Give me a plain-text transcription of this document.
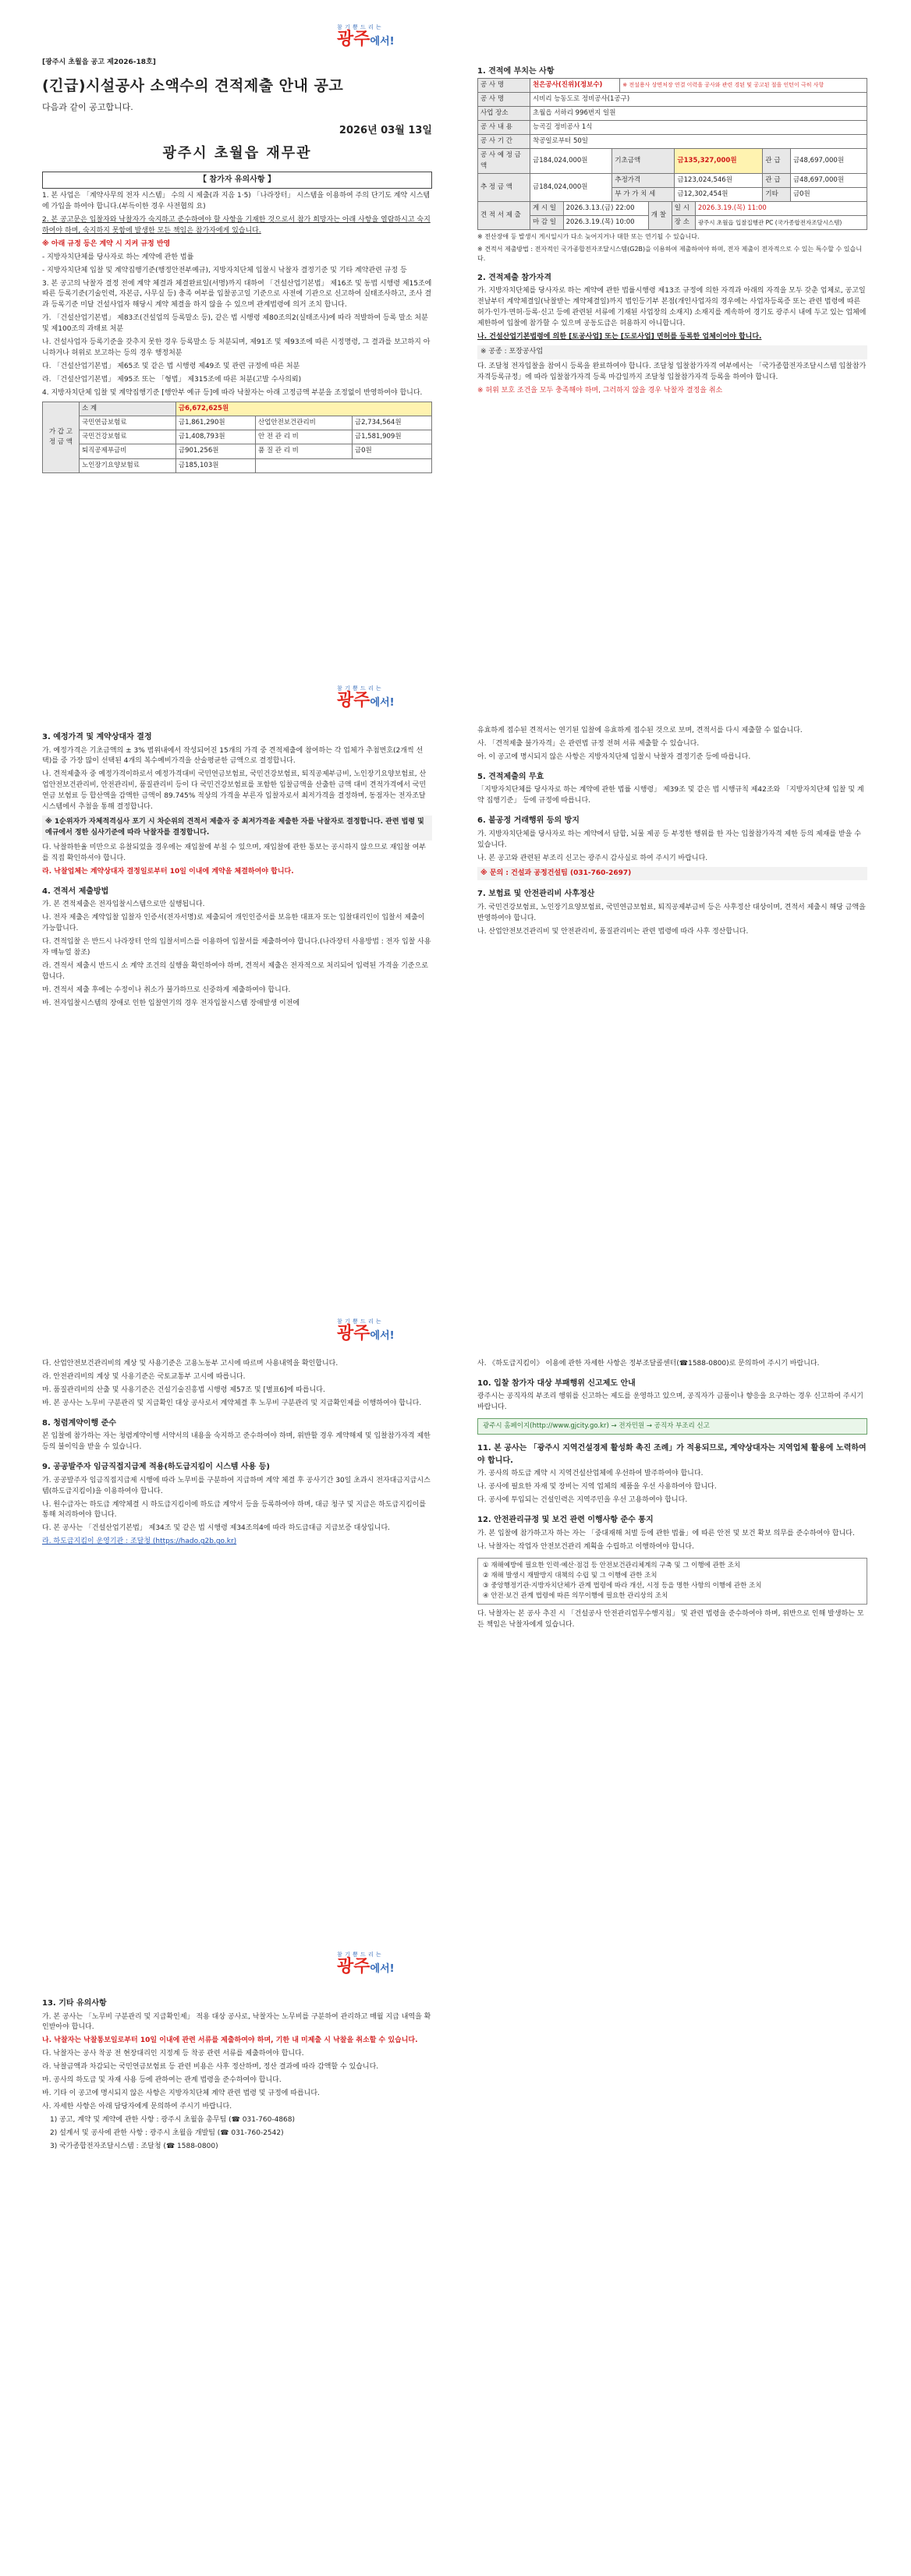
참 기 쁨 드 리 는
광주에서!
[광주시 초월읍 공고 제2026-18호]
(긴급)시설공사 소액수의 견적제출 안내 공고
다음과 같이 공고합니다.
2026년 03월 13일
광주시 초월읍 재무관
【 참가자 유의사항 】
1. 본 사업은 「계약사무의 전자 시스템」 수의 시 제출(과 지음 1·5) 「나라장터」 시스템을 이용하여 주의 단기도 계약 시스템에 가입을 하여야 합니다.(부득이한 경우 사전협의 요)
2. 본 공고문은 입찰자와 낙찰자가 숙지하고 준수하여야 할 사항을 기재한 것으로서 참가 희망자는 아래 사항을 열람하시고 숙지하여야 하며, 숙지하지 못함에 발생한 모든 책임은 참가자에게 있습니다.
※ 아래 규정 등은 계약 시 지켜 규정 반영
- 지방자치단체를 당사자로 하는 계약에 관한 법률
- 지방자치단체 입찰 및 계약집행기준(행정안전부예규), 지방자치단체 입찰시 낙찰자 결정기준 및 기타 계약관련 규정 등
3. 본 공고의 낙찰자 결정 전에 계약 체결과 체결완료일(서명)까지 대하여 「건설산업기본법」 제16조 및 동법 시행령 제15조에 따른 등록기준(기술인력, 자본금, 사무실 등) 충족 여부를 입찰공고일 기준으로 사전에 기관으로 신고하여 실태조사하고, 조사 결과 등록기준 미달 건설사업자 해당시 계약 체결을 하지 않을 수 있으며 관계법령에 의거 조치 합니다.
가. 「건설산업기본법」 제83조(건설업의 등록말소 등), 같은 법 시행령 제80조의2(실태조사)에 따라 적발하여 등록 말소 처분 및 제100조의 과태료 처분
나. 건설사업자 등록기준을 갖추지 못한 경우 등록말소 등 처분되며, 제91조 및 제93조에 따른 시정명령, 그 결과를 보고하지 아니하거나 허위로 보고하는 등의 경우 행정처분
다. 「건설산업기본법」 제65조 및 같은 법 시행령 제49조 및 관련 규정에 따른 처분
라. 「건설산업기본법」 제95조 또는 「형법」 제315조에 따른 처분(고발 수사의뢰)
4. 지방자치단체 입찰 및 계약집행기준 [행안부 예규 등]에 따라 낙찰자는 아래 고정금액 부분을 조정없이 반영하여야 합니다.
가 갑 고 정 금 액	소 계	금6,672,625원		
	국민연금보험료	금1,861,290원	산업안전보건관리비	금2,734,564원
	국민건강보험료	금1,408,793원	안 전 관 리 비	금1,581,909원
	퇴직공제부금비	금901,256원	품 질 관 리 비	금0원
	노인장기요양보험료	금185,103원		
1. 견적에 부치는 사항
공 사 명	천은공사(진위)(정보수)	※ 전설용사 상면처장 연결 이력을 공사와 관련 경된 및 공고된 절을 인턴이 극히 사항
공 사 명	시비리 능동도로 정비공사(1공구)	
사업 장소	초월읍 서하리 996번지 일원	
공 사 내 용	능곡길 정비공사 1식	
공 사 기 간	착공일로부터 50일	
공 사 예 정 금 액	금184,024,000원	기초금액	금135,327,000원	관 급	금48,697,000원
추 정 금 액	금184,024,000원	추정가격	금123,024,546원	관 급	금48,697,000원
		부 가 가 치 세	금12,302,454원	기타	금0원
견 적 서 제 출	게 시 일	2026.3.13.(금) 22:00	개 찰	일 시	2026.3.19.(목) 11:00
	마 감 일	2026.3.19.(목) 10:00		장 소	광주시 초월읍 입찰집행관 PC (국가종합전자조달시스템)
※ 전산장애 등 발생시 게시일시가 다소 늦어지거나 대한 또는 연기될 수 있습니다.
※ 견적서 제출방법 : 전자적인 국가종합전자조달시스템(G2B)을 이용하여 제출하여야 하며, 전자 제출이 전자적으로 수 있는 특수할 수 있습니다.
2. 견적제출 참가자격
가. 지방자치단체를 당사자로 하는 계약에 관한 법률시행령 제13조 규정에 의한 자격과 아래의 자격을 모두 갖춘 업체로, 공고일 전날부터 계약체결일(낙찰받는 계약체결일)까지 법인등기부 본점(개인사업자의 경우에는 사업자등록증 또는 관련 법령에 따른 허가·인가·면허·등록·신고 등에 관련된 서류에 기재된 사업장의 소재지) 소재지를 계속하여 경기도 광주시 내에 두고 있는 업체에 제한하여 입찰에 참가할 수 있으며 공동도급은 허용하지 아니합니다.
나. 건설산업기본법령에 의한 [토공사업] 또는 [도로사업] 면허를 등록한 업체이어야 합니다.
※ 공종 : 포장공사업
다. 조달청 전자입찰을 참여시 등록을 완료하여야 합니다. 조달청 입찰참가자격 여부에서는 「국가종합전자조달시스템 입찰참가자격등록규정」에 따라 입찰참가자격 등록 마감일까지 조달청 입찰참가자격 등록을 하여야 합니다.
※ 허위 보호 조건을 모두 충족해야 하며, 그러하지 않을 경우 낙찰자 결정을 취소
참 기 쁨 드 리 는
광주에서!
3. 예정가격 및 계약상대자 결정
가. 예정가격은 기초금액의 ± 3% 범위내에서 작성되어진 15개의 가격 중 견적제출에 참여하는 각 업체가 추첨번호(2개씩 선택)를 중 가장 많이 선택된 4개의 복수예비가격을 산술평균한 금액으로 결정합니다.
나. 견적제출자 중 예정가격이하로서 예정가격대비 국민연금보험료, 국민건강보험료, 퇴직공제부금비, 노인장기요양보험료, 산업안전보건관리비, 안전관리비, 품질관리비 등이 다 국민건강보험료를 포함한 입찰금액을 산출한 금액 대비 견적가격에서 국민연금 보험료 등 합산액을 감액한 금액이 89.745% 적상의 가격을 부른자 입찰자로서 최저가격을 결정하며, 동점자는 전자조달시스템에서 추첨을 통해 결정합니다.
※ 1순위자가 자체적격심사 포기 시 차순위의 견적서 제출자 중 최저가격을 제출한 자를 낙찰자로 결정합니다. 관련 법령 및 예규에서 정한 심사기준에 따라 낙찰자를 결정합니다.
다. 낙찰하한율 미만으로 유찰되었을 경우에는 재입찰에 부칠 수 있으며, 재입찰에 관한 통보는 공시하지 않으므로 재입찰 여부를 직접 확인하셔야 합니다.
라. 낙찰업체는 계약상대자 결정일로부터 10일 이내에 계약을 체결하여야 합니다.
4. 견적서 제출방법
가. 본 견적제출은 전자입찰시스템으로만 실행됩니다.
나. 전자 제출은 계약입찰 입찰자 인증서(전자서명)로 제출되어 개인인증서를 보유한 대표자 또는 입찰대리인이 입찰서 제출이 가능합니다.
다. 견적입찰 은 반드시 나라장터 안의 입찰서비스를 이용하여 입찰서를 제출하여야 합니다.(나라장터 사용방법 : 전자 입찰 사용자 매뉴얼 참조)
라. 견적서 제출시 반드시 소 계약 조건의 실행을 확인하여야 하며, 견적서 제출은 전자적으로 처리되어 입력된 가격을 기준으로 합니다.
마. 견적서 제출 후에는 수정이나 취소가 불가하므로 신중하게 제출하여야 합니다.
바. 전자입찰시스템의 장애로 인한 입찰연기의 경우 전자입찰시스템 장애발생 이전에
유효하게 접수된 견적서는 연기된 입찰에 유효하게 접수된 것으로 보며, 견적서를 다시 제출할 수 없습니다.
사. 「견적제출 불가자격」은 관련법 규정 전혀 서류 제출할 수 있습니다.
아. 이 공고에 명시되지 않은 사항은 지방자치단체 입찰시 낙찰자 결정기준 등에 따릅니다.
5. 견적제출의 무효
「지방자치단체를 당사자로 하는 계약에 관한 법률 시행령」 제39조 및 같은 법 시행규칙 제42조와 「지방자치단체 입찰 및 계약 집행기준」 등에 규정에 따릅니다.
6. 불공정 거래행위 등의 방지
가. 지방자치단체를 당사자로 하는 계약에서 담합, 뇌물 제공 등 부정한 행위를 한 자는 입찰참가자격 제한 등의 제재를 받을 수 있습니다.
나. 본 공고와 관련된 부조리 신고는 광주시 감사실로 하여 주시기 바랍니다.
※ 문의 : 건설과 공정건설팀 (031-760-2697)
7. 보험료 및 안전관리비 사후정산
가. 국민건강보험료, 노인장기요양보험료, 국민연금보험료, 퇴직공제부금비 등은 사후정산 대상이며, 견적서 제출시 해당 금액을 반영하여야 합니다.
나. 산업안전보건관리비 및 안전관리비, 품질관리비는 관련 법령에 따라 사후 정산합니다.
참 기 쁨 드 리 는
광주에서!
다. 산업안전보건관리비의 계상 및 사용기준은 고용노동부 고시에 따르며 사용내역을 확인합니다.
라. 안전관리비의 계상 및 사용기준은 국토교통부 고시에 따릅니다.
마. 품질관리비의 산출 및 사용기준은 건설기술진흥법 시행령 제57조 및 [별표6]에 따릅니다.
바. 본 공사는 노무비 구분관리 및 지급확인 대상 공사로서 계약체결 후 노무비 구분관리 및 지급확인제를 이행하여야 합니다.
8. 청렴계약이행 준수
본 입찰에 참가하는 자는 청렴계약이행 서약서의 내용을 숙지하고 준수하여야 하며, 위반할 경우 계약해제 및 입찰참가자격 제한 등의 불이익을 받을 수 있습니다.
9. 공공발주자 임금직접지급제 적용(하도급지킴이 시스템 사용 등)
가. 공공발주자 임금직접지급제 시행에 따라 노무비를 구분하여 지급하며 계약 체결 후 공사기간 30일 초과시 전자대금지급시스템(하도급지킴이)을 이용하여야 합니다.
나. 원수급자는 하도급 계약체결 시 하도급지킴이에 하도급 계약서 등을 등록하여야 하며, 대금 청구 및 지급은 하도급지킴이를 통해 처리하여야 합니다.
다. 본 공사는 「건설산업기본법」 제34조 및 같은 법 시행령 제34조의4에 따라 하도급대금 지급보증 대상입니다.
라. 하도급지킴이 운영기관 : 조달청 (https://hado.g2b.go.kr)
사. 《하도급지킴이》 이용에 관한 자세한 사항은 정부조달콜센터(☎1588-0800)로 문의하여 주시기 바랍니다.
10. 입찰 참가자 대상 부패행위 신고제도 안내
광주시는 공직자의 부조리 행위를 신고하는 제도를 운영하고 있으며, 공직자가 금품이나 향응을 요구하는 경우 신고하여 주시기 바랍니다.
광주시 홈페이지(http://www.gjcity.go.kr) → 전자민원 → 공직자 부조리 신고
11. 본 공사는 「광주시 지역건설경제 활성화 촉진 조례」가 적용되므로, 계약상대자는 지역업체 활용에 노력하여야 합니다.
가. 공사의 하도급 계약 시 지역건설산업체에 우선하여 발주하여야 합니다.
나. 공사에 필요한 자재 및 장비는 지역 업체의 제품을 우선 사용하여야 합니다.
다. 공사에 투입되는 건설인력은 지역주민을 우선 고용하여야 합니다.
12. 안전관리규정 및 보건 관련 이행사항 준수 통지
가. 본 입찰에 참가하고자 하는 자는 「중대재해 처벌 등에 관한 법률」에 따른 안전 및 보건 확보 의무를 준수하여야 합니다.
나. 낙찰자는 작업자 안전보건관리 계획을 수립하고 이행하여야 합니다.
① 재해예방에 필요한 인력·예산·점검 등 안전보건관리체계의 구축 및 그 이행에 관한 조치
② 재해 발생시 재발방지 대책의 수립 및 그 이행에 관한 조치
③ 중앙행정기관·지방자치단체가 관계 법령에 따라 개선, 시정 등을 명한 사항의 이행에 관한 조치
④ 안전·보건 관계 법령에 따른 의무이행에 필요한 관리상의 조치
다. 낙찰자는 본 공사 추진 시 「건설공사 안전관리업무수행지침」 및 관련 법령을 준수하여야 하며, 위반으로 인해 발생하는 모든 책임은 낙찰자에게 있습니다.
참 기 쁨 드 리 는
광주에서!
13. 기타 유의사항
가. 본 공사는 「노무비 구분관리 및 지급확인제」 적용 대상 공사로, 낙찰자는 노무비를 구분하여 관리하고 매월 지급 내역을 확인받아야 합니다.
나. 낙찰자는 낙찰통보일로부터 10일 이내에 관련 서류를 제출하여야 하며, 기한 내 미제출 시 낙찰을 취소할 수 있습니다.
다. 낙찰자는 공사 착공 전 현장대리인 지정계 등 착공 관련 서류를 제출하여야 합니다.
라. 낙찰금액과 차감되는 국민연금보험료 등 관련 비용은 사후 정산하며, 정산 결과에 따라 감액할 수 있습니다.
마. 공사의 하도급 및 자재 사용 등에 관하여는 관계 법령을 준수하여야 합니다.
바. 기타 이 공고에 명시되지 않은 사항은 지방자치단체 계약 관련 법령 및 규정에 따릅니다.
사. 자세한 사항은 아래 담당자에게 문의하여 주시기 바랍니다.
1) 공고, 계약 및 계약에 관한 사항 : 광주시 초월읍 총무팀 (☎ 031-760-4868)
2) 설계서 및 공사에 관한 사항 : 광주시 초월읍 개발팀 (☎ 031-760-2542)
3) 국가종합전자조달시스템 : 조달청 (☎ 1588-0800)
